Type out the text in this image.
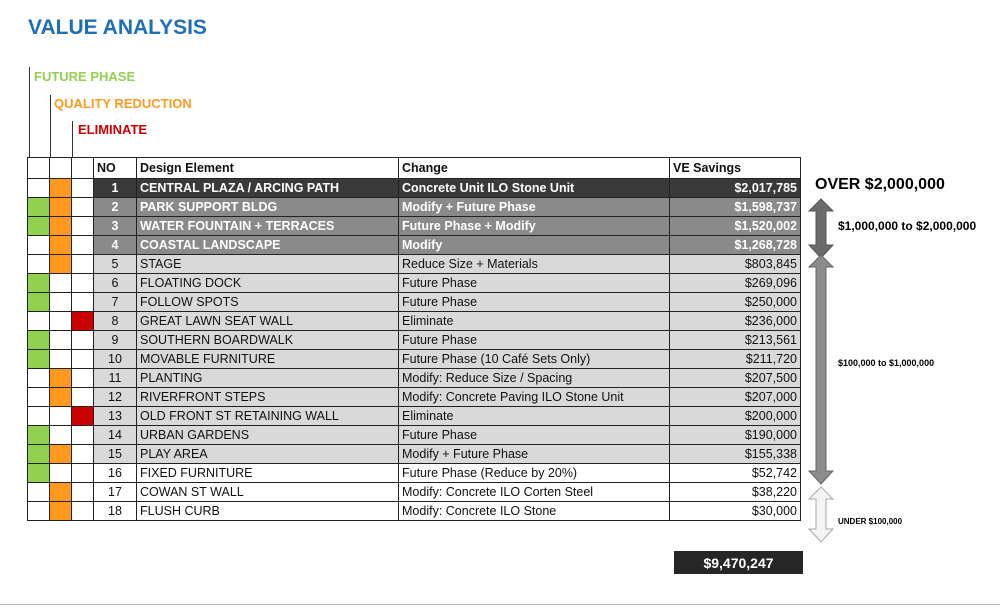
VALUE ANALYSIS
FUTURE PHASE
QUALITY REDUCTION
ELIMINATE
			NO	Design Element	Change	VE Savings
			1	CENTRAL PLAZA / ARCING PATH	Concrete Unit ILO Stone Unit	$2,017,785
			2	PARK SUPPORT BLDG	Modify + Future Phase	$1,598,737
			3	WATER FOUNTAIN + TERRACES	Future Phase + Modify	$1,520,002
			4	COASTAL LANDSCAPE	Modify	$1,268,728
			5	STAGE	Reduce Size + Materials	$803,845
			6	FLOATING DOCK	Future Phase	$269,096
			7	FOLLOW SPOTS	Future Phase	$250,000
			8	GREAT LAWN SEAT WALL	Eliminate	$236,000
			9	SOUTHERN BOARDWALK	Future Phase	$213,561
			10	MOVABLE FURNITURE	Future Phase (10 Café Sets Only)	$211,720
			11	PLANTING	Modify: Reduce Size / Spacing	$207,500
			12	RIVERFRONT STEPS	Modify: Concrete Paving ILO Stone Unit	$207,000
			13	OLD FRONT ST RETAINING WALL	Eliminate	$200,000
			14	URBAN GARDENS	Future Phase	$190,000
			15	PLAY AREA	Modify + Future Phase	$155,338
			16	FIXED FURNITURE	Future Phase (Reduce by 20%)	$52,742
			17	COWAN ST WALL	Modify: Concrete ILO Corten Steel	$38,220
			18	FLUSH CURB	Modify: Concrete ILO Stone	$30,000
$9,470,247
OVER $2,000,000
$1,000,000 to $2,000,000
$100,000 to $1,000,000
UNDER $100,000
